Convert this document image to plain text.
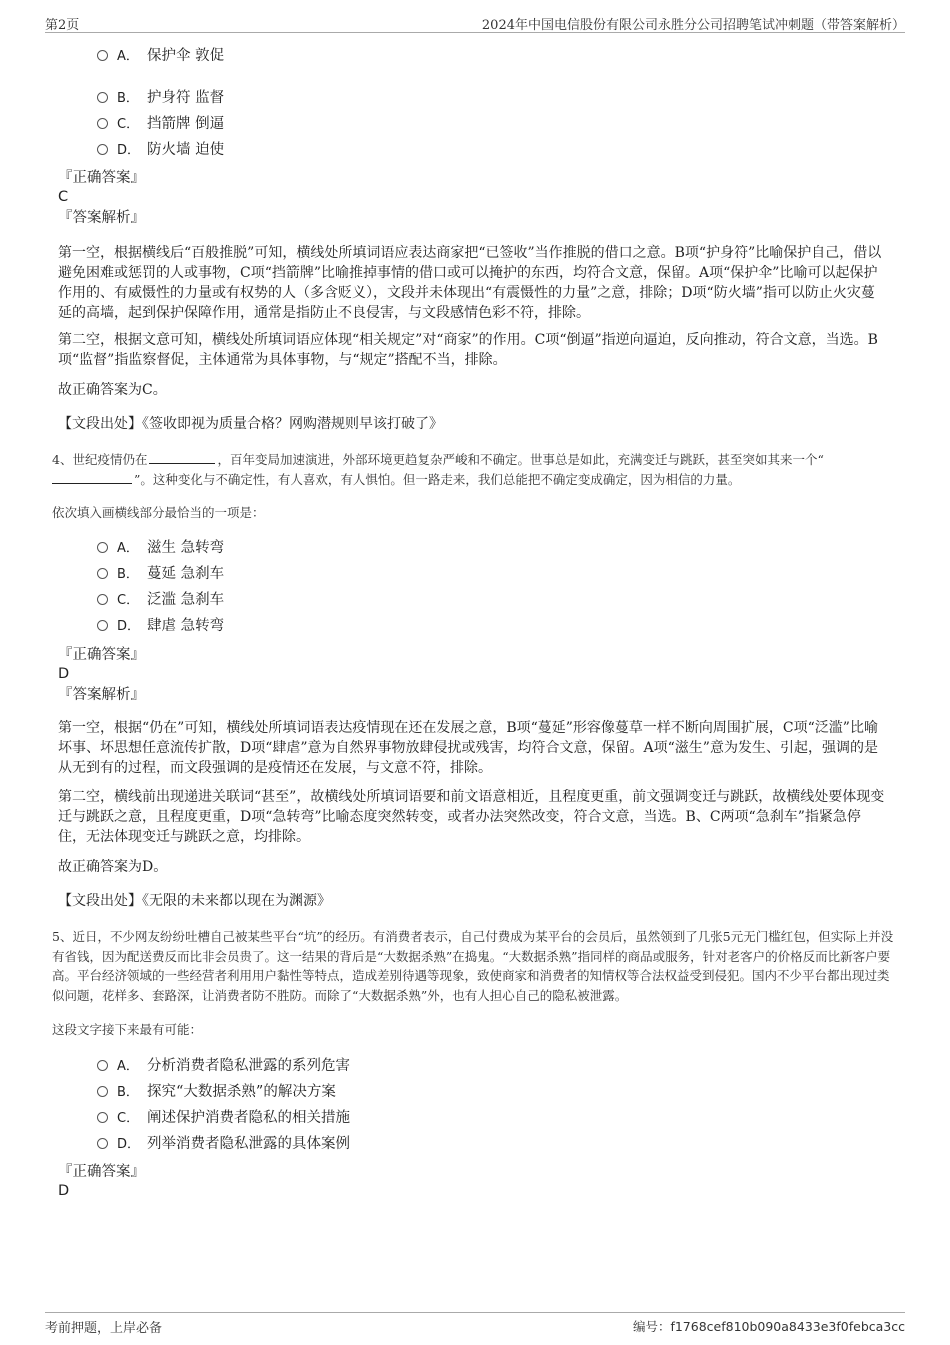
第2页	2024年中国电信股份有限公司永胜分公司招聘笔试冲刺题（带答案解析）
A． 保护伞 敦促
B． 护身符 监督
C． 挡箭牌 倒逼
D． 防火墙 迫使
『正确答案』
C
『答案解析』
第一空，根据横线后“百般推脱”可知，横线处所填词语应表达商家把“已签收”当作推脱的借口之意。B项“护身符”比喻保护自己，借以避免困难或惩罚的人或事物，C项“挡箭牌”比喻推掉事情的借口或可以掩护的东西，均符合文意，保留。A项“保护伞”比喻可以起保护作用的、有威慑性的力量或有权势的人（多含贬义），文段并未体现出“有震慑性的力量”之意，排除；D项“防火墙”指可以防止火灾蔓延的高墙，起到保护保障作用，通常是指防止不良侵害，与文段感情色彩不符，排除。
第二空，根据文意可知，横线处所填词语应体现“相关规定”对“商家”的作用。C项“倒逼”指逆向逼迫，反向推动，符合文意，当选。B项“监督”指监察督促，主体通常为具体事物，与“规定”搭配不当，排除。
故正确答案为C。
【文段出处】《签收即视为质量合格？网购潜规则早该打破了》
4、世纪疫情仍在	，百年变局加速演进，外部环境更趋复杂严峻和不确定。世事总是如此，充满变迁与跳跃，甚至突如其来一个“”。这种变化与不确定性，有人喜欢，有人惧怕。但一路走来，我们总能把不确定变成确定，因为相信的力量。
依次填入画横线部分最恰当的一项是：
A． 滋生 急转弯
B． 蔓延 急刹车
C． 泛滥 急刹车
D． 肆虐 急转弯
『正确答案』
D
『答案解析』
第一空，根据“仍在”可知，横线处所填词语表达疫情现在还在发展之意，B项“蔓延”形容像蔓草一样不断向周围扩展，C项“泛滥”比喻坏事、坏思想任意流传扩散，D项“肆虐”意为自然界事物放肆侵扰或残害，均符合文意，保留。A项“滋生”意为发生、引起，强调的是从无到有的过程，而文段强调的是疫情还在发展，与文意不符，排除。
第二空，横线前出现递进关联词“甚至”，故横线处所填词语要和前文语意相近，且程度更重，前文强调变迁与跳跃，故横线处要体现变迁与跳跃之意，且程度更重，D项“急转弯”比喻态度突然转变，或者办法突然改变，符合文意，当选。B、C两项“急刹车”指紧急停住，无法体现变迁与跳跃之意，均排除。
故正确答案为D。
【文段出处】《无限的未来都以现在为渊源》
5、近日，不少网友纷纷吐槽自己被某些平台“坑”的经历。有消费者表示，自己付费成为某平台的会员后，虽然领到了几张5元无门槛红包，但实际上并没有省钱，因为配送费反而比非会员贵了。这一结果的背后是“大数据杀熟”在捣鬼。“大数据杀熟”指同样的商品或服务，针对老客户的价格反而比新客户要高。平台经济领域的一些经营者利用用户黏性等特点，造成差别待遇等现象，致使商家和消费者的知情权等合法权益受到侵犯。国内不少平台都出现过类似问题，花样多、套路深，让消费者防不胜防。而除了“大数据杀熟”外，也有人担心自己的隐私被泄露。
这段文字接下来最有可能：
A． 分析消费者隐私泄露的系列危害
B． 探究“大数据杀熟”的解决方案
C． 阐述保护消费者隐私的相关措施
D． 列举消费者隐私泄露的具体案例
『正确答案』
D
考前押题，上岸必备	编号：f1768cef810b090a8433e3f0febca3cc
